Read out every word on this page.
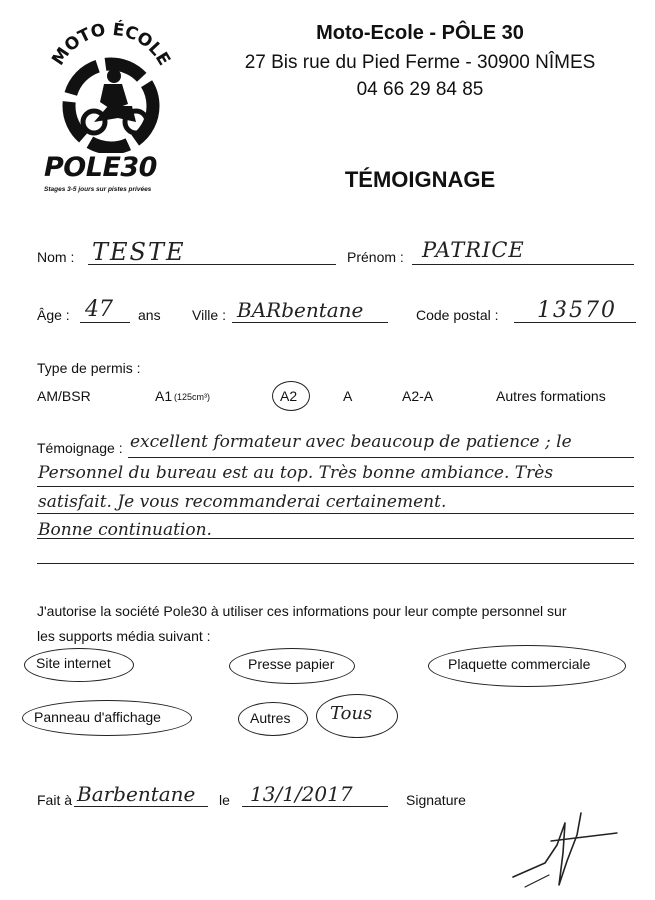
MOTO ÉCOLE
POLE30
Stages 3-5 jours sur pistes privées
Moto-Ecole - PÔLE 30
27 Bis rue du Pied Ferme - 30900 NÎMES
04 66 29 84 85
TÉMOIGNAGE
Nom : TESTE	Prénom : PATRICE
Âge : 47 ans Ville : BARbentane	Code postal : 13570
Type de permis :
AM/BSR	A1 (125cm³)	A2	A	A2-A	Autres formations
Témoignage : excellent formateur avec beaucoup de patience ; le
Personnel du bureau est au top. Très bonne ambiance. Très
satisfait. Je vous recommanderai certainement.
Bonne continuation.
J'autorise la société Pole30 à utiliser ces informations pour leur compte personnel sur
les supports média suivant :
Site internet	Presse papier	Plaquette commerciale
Panneau d'affichage	Autres Tous
Fait à Barbentane le 13/1/2017	Signature
